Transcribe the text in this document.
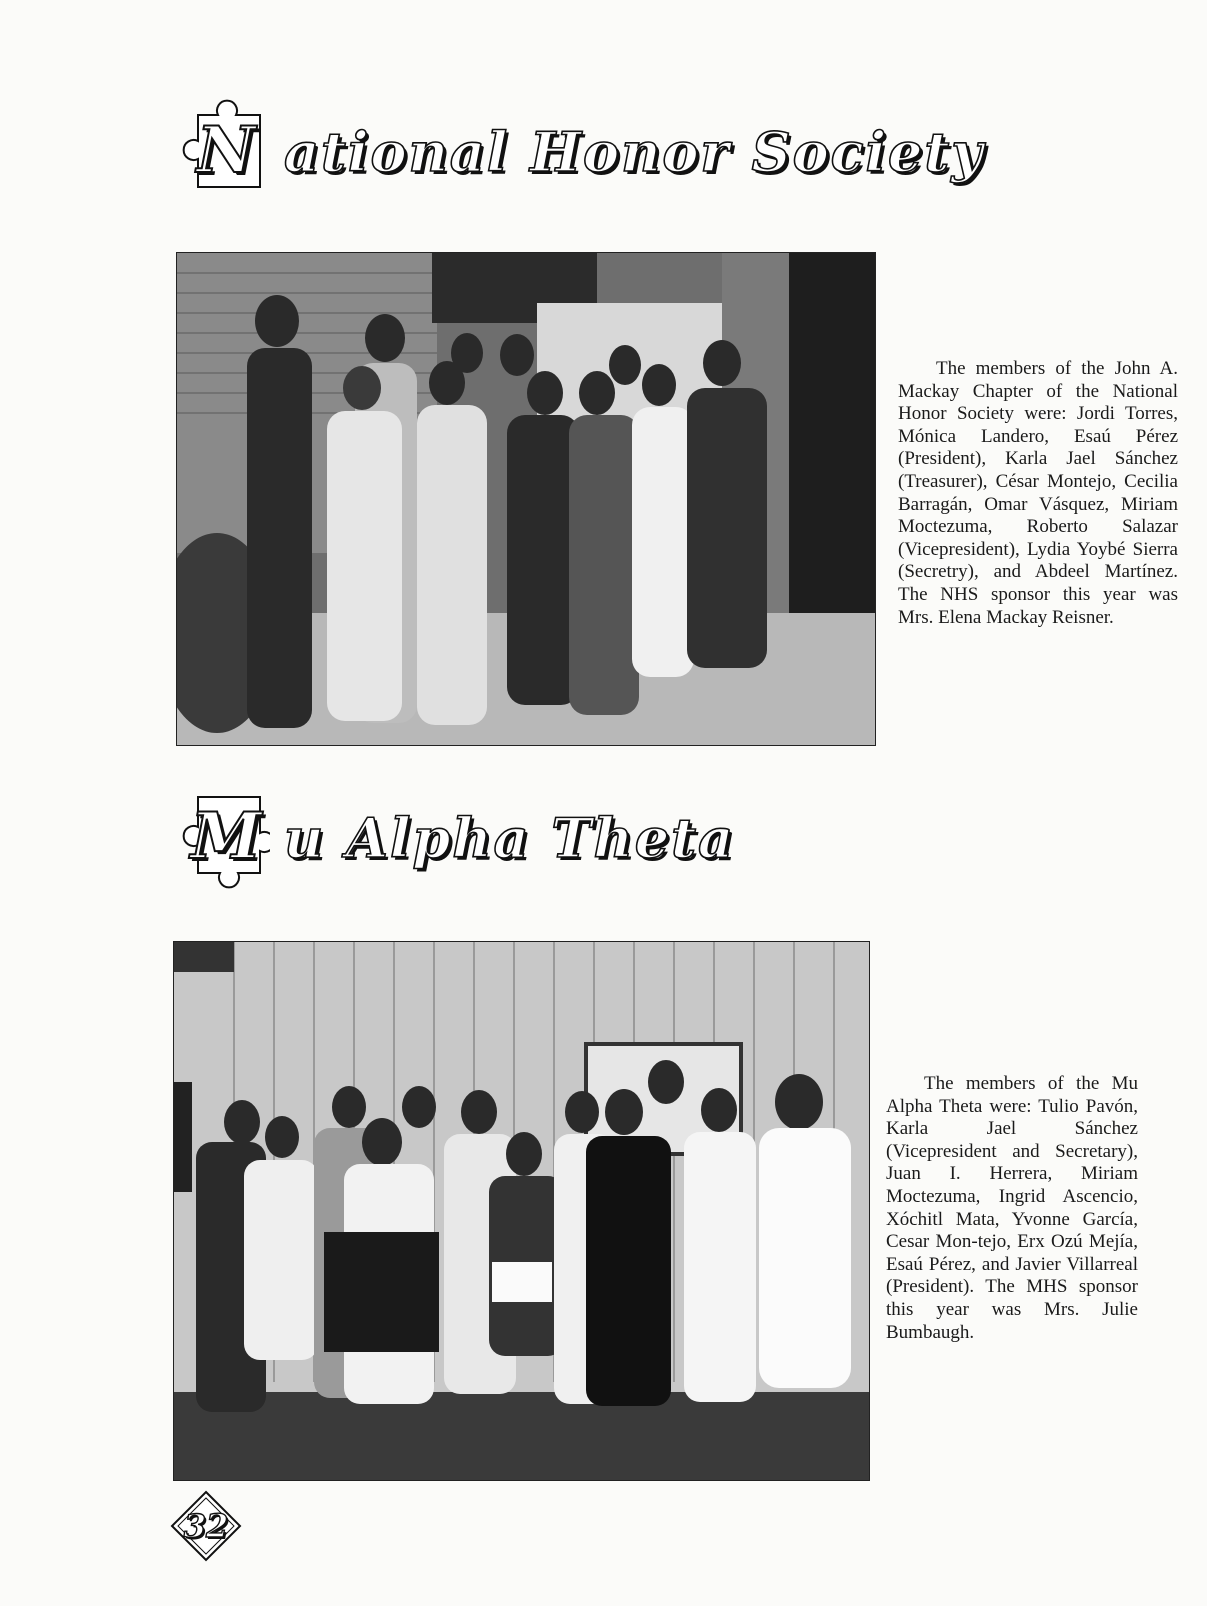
N ational Honor Society
The members of the John A. Mackay Chapter of the National Honor Society were: Jordi Torres, Mónica Landero, Esaú Pérez (President), Karla Jael Sánchez (Treasurer), César Montejo, Cecilia Barragán, Omar Vásquez, Miriam Moctezuma, Roberto Salazar (Vicepresident), Lydia Yoybé Sierra (Secretry), and Abdeel Martínez. The NHS sponsor this year was Mrs. Elena Mackay Reisner.
M u Alpha Theta
The members of the Mu Alpha Theta were: Tulio Pavón, Karla Jael Sánchez (Vicepresident and Secretary), Juan I. Herrera, Miriam Moctezuma, Ingrid Ascencio, Xóchitl Mata, Yvonne García, Cesar Mon-tejo, Erx Ozú Mejía, Esaú Pérez, and Javier Villarreal (President). The MHS sponsor this year was Mrs. Julie Bumbaugh.
32
